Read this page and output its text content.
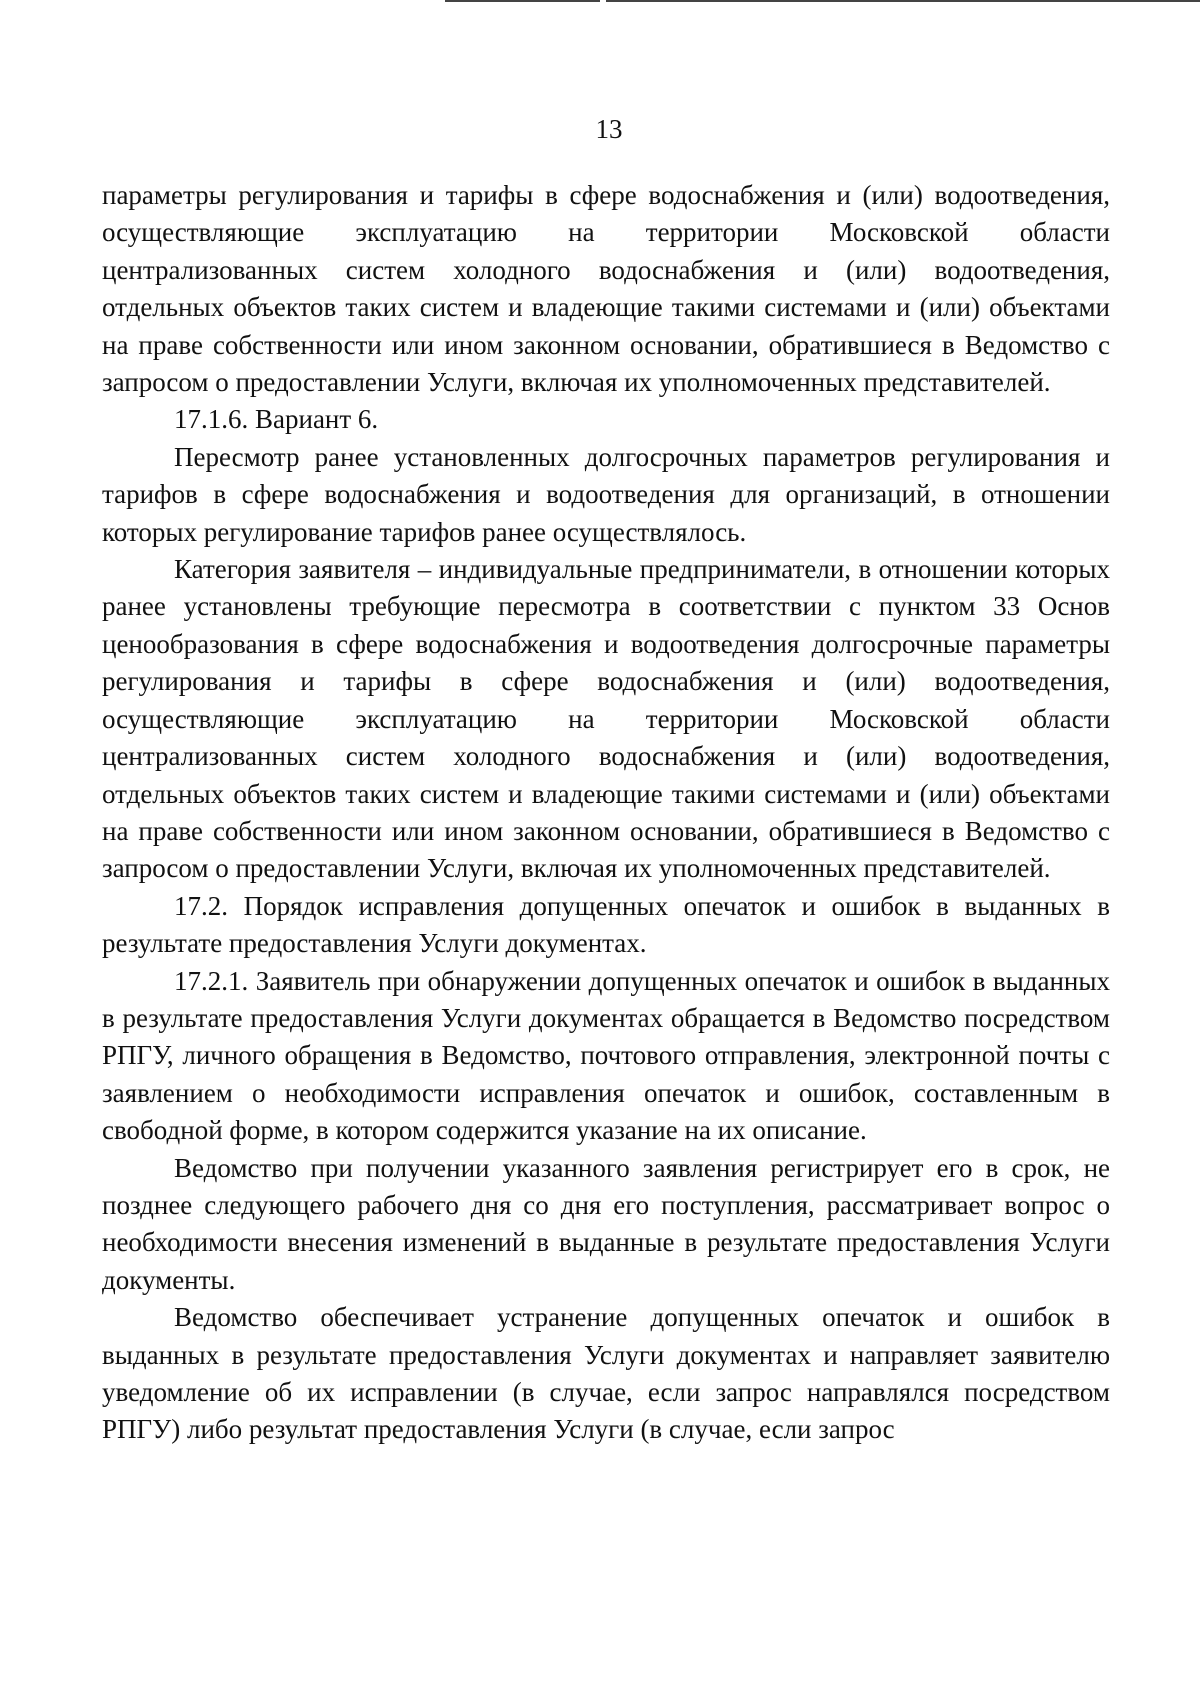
13

параметры регулирования и тарифы в сфере водоснабжения и (или) водоотведения, осуществляющие эксплуатацию на территории Московской области централизованных систем холодного водоснабжения и (или) водоотведения, отдельных объектов таких систем и владеющие такими системами и (или) объектами на праве собственности или ином законном основании, обратившиеся в Ведомство с запросом о предоставлении Услуги, включая их уполномоченных представителей.

17.1.6. Вариант 6.

Пересмотр ранее установленных долгосрочных параметров регулирования и тарифов в сфере водоснабжения и водоотведения для организаций, в отношении которых регулирование тарифов ранее осуществлялось.

Категория заявителя – индивидуальные предприниматели, в отношении которых ранее установлены требующие пересмотра в соответствии с пунктом 33 Основ ценообразования в сфере водоснабжения и водоотведения долгосрочные параметры регулирования и тарифы в сфере водоснабжения и (или) водоотведения, осуществляющие эксплуатацию на территории Московской области централизованных систем холодного водоснабжения и (или) водоотведения, отдельных объектов таких систем и владеющие такими системами и (или) объектами на праве собственности или ином законном основании, обратившиеся в Ведомство с запросом о предоставлении Услуги, включая их уполномоченных представителей.

17.2. Порядок исправления допущенных опечаток и ошибок в выданных в результате предоставления Услуги документах.

17.2.1. Заявитель при обнаружении допущенных опечаток и ошибок в выданных в результате предоставления Услуги документах обращается в Ведомство посредством РПГУ, личного обращения в Ведомство, почтового отправления, электронной почты с заявлением о необходимости исправления опечаток и ошибок, составленным в свободной форме, в котором содержится указание на их описание.

Ведомство при получении указанного заявления регистрирует его в срок, не позднее следующего рабочего дня со дня его поступления, рассматривает вопрос о необходимости внесения изменений в выданные в результате предоставления Услуги документы.

Ведомство обеспечивает устранение допущенных опечаток и ошибок в выданных в результате предоставления Услуги документах и направляет заявителю уведомление об их исправлении (в случае, если запрос направлялся посредством РПГУ) либо результат предоставления Услуги (в случае, если запрос
